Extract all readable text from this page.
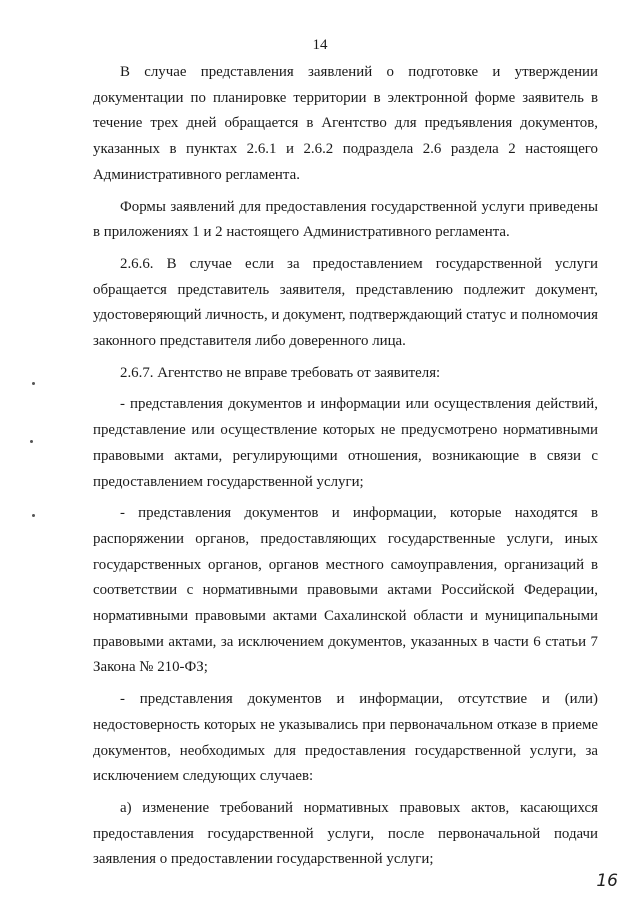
14

В случае представления заявлений о подготовке и утверждении документации по планировке территории в электронной форме заявитель в течение трех дней обращается в Агентство для предъявления документов, указанных в пунктах 2.6.1 и 2.6.2 подраздела 2.6 раздела 2 настоящего Административного регламента.

Формы заявлений для предоставления государственной услуги приведены в приложениях 1 и 2 настоящего Административного регламента.

2.6.6. В случае если за предоставлением государственной услуги обращается представитель заявителя, представлению подлежит документ, удостоверяющий личность, и документ, подтверждающий статус и полномочия законного представителя либо доверенного лица.

2.6.7. Агентство не вправе требовать от заявителя:

- представления документов и информации или осуществления действий, представление или осуществление которых не предусмотрено нормативными правовыми актами, регулирующими отношения, возникающие в связи с предоставлением государственной услуги;

- представления документов и информации, которые находятся в распоряжении органов, предоставляющих государственные услуги, иных государственных органов, органов местного самоуправления, организаций в соответствии с нормативными правовыми актами Российской Федерации, нормативными правовыми актами Сахалинской области и муниципальными правовыми актами, за исключением документов, указанных в части 6 статьи 7 Закона № 210-ФЗ;

- представления документов и информации, отсутствие и (или) недостоверность которых не указывались при первоначальном отказе в приеме документов, необходимых для предоставления государственной услуги, за исключением следующих случаев:

а) изменение требований нормативных правовых актов, касающихся предоставления государственной услуги, после первоначальной подачи заявления о предоставлении государственной услуги;

16
